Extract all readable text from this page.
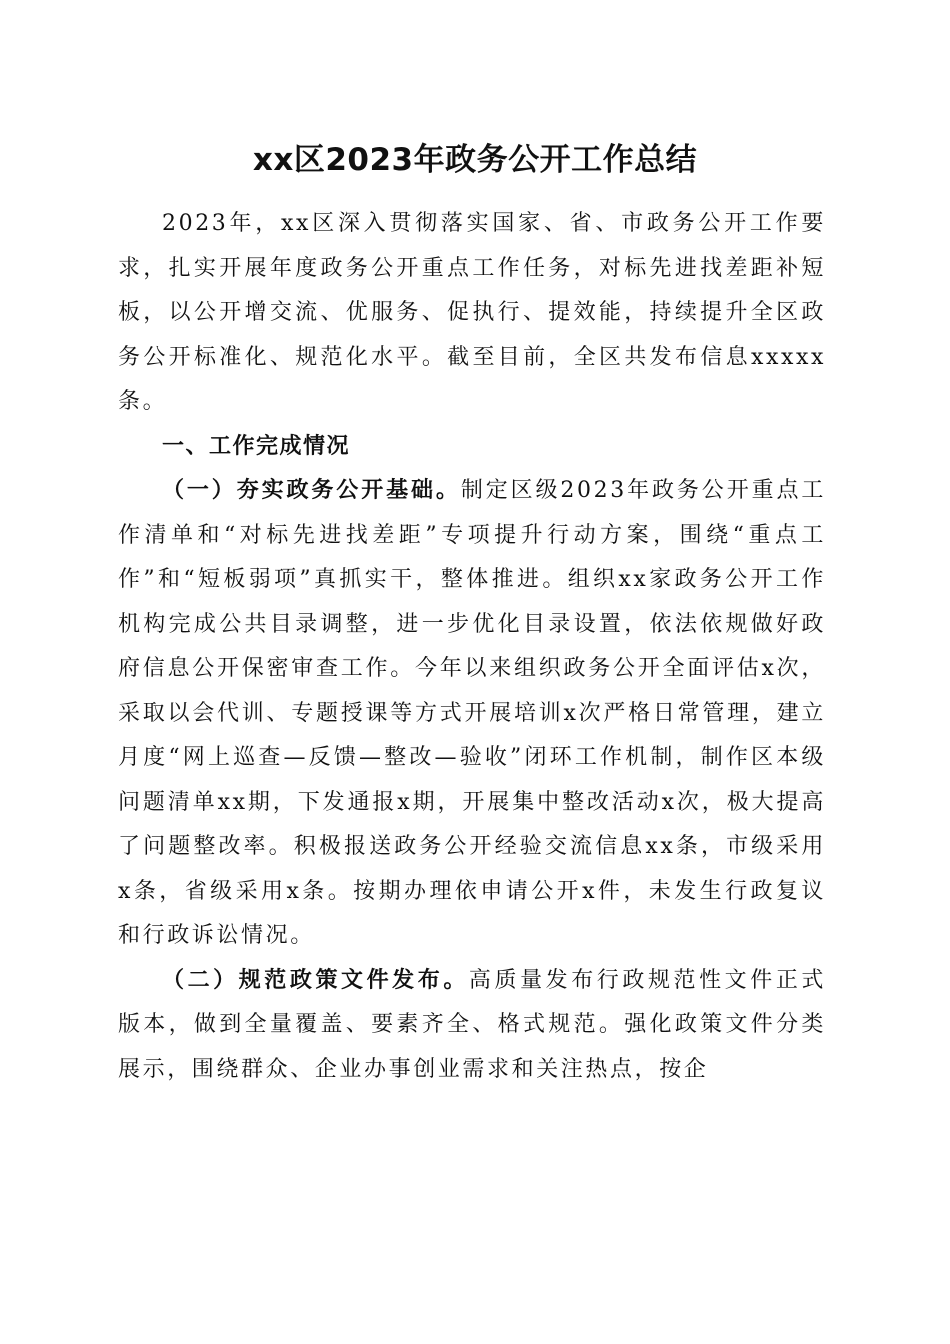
xx区2023年政务公开工作总结

2023年，xx区深入贯彻落实国家、省、市政务公开工作要求，扎实开展年度政务公开重点工作任务，对标先进找差距补短板，以公开增交流、优服务、促执行、提效能，持续提升全区政务公开标准化、规范化水平。截至目前，全区共发布信息xxxxx条。

一、工作完成情况

（一）夯实政务公开基础。制定区级2023年政务公开重点工作清单和“对标先进找差距”专项提升行动方案，围绕“重点工作”和“短板弱项”真抓实干，整体推进。组织xx家政务公开工作机构完成公共目录调整，进一步优化目录设置，依法依规做好政府信息公开保密审查工作。今年以来组织政务公开全面评估x次，采取以会代训、专题授课等方式开展培训x次严格日常管理，建立月度“网上巡查—反馈—整改—验收”闭环工作机制，制作区本级问题清单xx期，下发通报x期，开展集中整改活动x次，极大提高了问题整改率。积极报送政务公开经验交流信息xx条，市级采用x条，省级采用x条。按期办理依申请公开x件，未发生行政复议和行政诉讼情况。

（二）规范政策文件发布。高质量发布行政规范性文件正式版本，做到全量覆盖、要素齐全、格式规范。强化政策文件分类展示，围绕群众、企业办事创业需求和关注热点，按企
